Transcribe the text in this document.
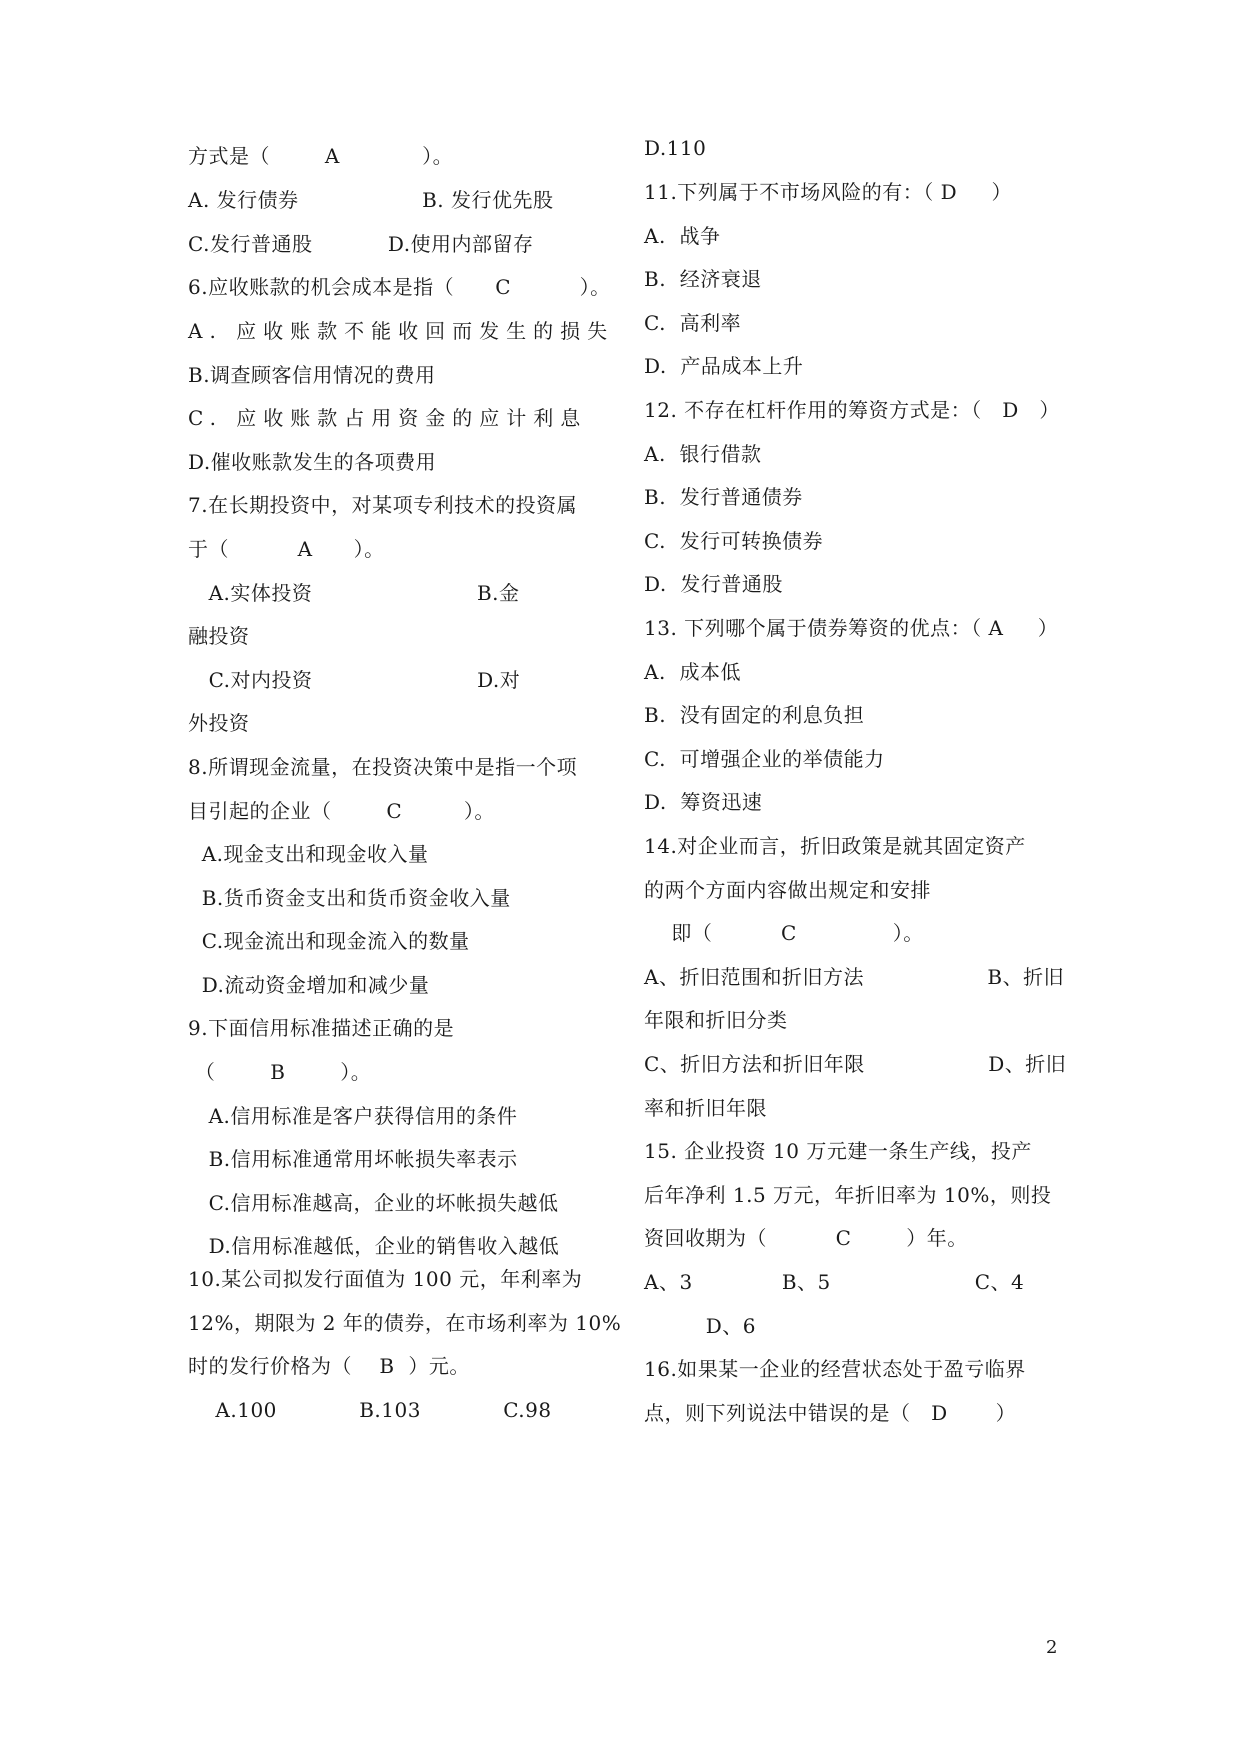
方式是（        A            ）。
A. 发行债券                  B. 发行优先股
C.发行普通股           D.使用内部留存
6.应收账款的机会成本是指（      C          ）。
A. 应收账款不能收回而发生的损失
B.调查顾客信用情况的费用
C. 应收账款占用资金的应计利息
D.催收账款发生的各项费用
7.在长期投资中，对某项专利技术的投资属
于（          A      ）。
A.实体投资                        B.金
融投资
C.对内投资                        D.对
外投资
8.所谓现金流量，在投资决策中是指一个项
目引起的企业（        C         ）。
A.现金支出和现金收入量
B.货币资金支出和货币资金收入量
C.现金流出和现金流入的数量
D.流动资金增加和减少量
9.下面信用标准描述正确的是
（        B        ）。
A.信用标准是客户获得信用的条件
B.信用标准通常用坏帐损失率表示
C.信用标准越高，企业的坏帐损失越低
D.信用标准越低，企业的销售收入越低
10.某公司拟发行面值为 100 元，年利率为
12%，期限为 2 年的债券，在市场利率为 10%
时的发行价格为（    B  ）元。
A.100            B.103            C.98
D.110
11.下列属于不市场风险的有：（ D     ）
A.  战争
B.  经济衰退
C.  高利率
D.  产品成本上升
12. 不存在杠杆作用的筹资方式是：（   D   ）
A.  银行借款
B.  发行普通债券
C.  发行可转换债券
D.  发行普通股
13. 下列哪个属于债券筹资的优点：（ A     ）
A.  成本低
B.  没有固定的利息负担
C.  可增强企业的举债能力
D.  筹资迅速
14.对企业而言，折旧政策是就其固定资产
的两个方面内容做出规定和安排
即（          C              ）。
A、折旧范围和折旧方法                  B、折旧
年限和折旧分类
C、折旧方法和折旧年限                  D、折旧
率和折旧年限
15. 企业投资 10 万元建一条生产线，投产
后年净利 1.5 万元，年折旧率为 10%，则投
资回收期为（          C        ）年。
A、3             B、5                     C、4
D、6
16.如果某一企业的经营状态处于盈亏临界
点，则下列说法中错误的是（   D       ）
2
